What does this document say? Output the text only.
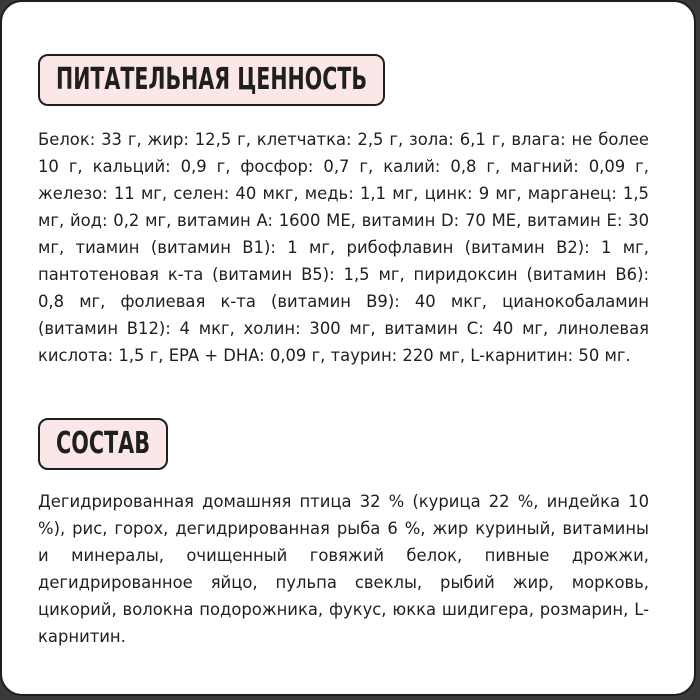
ПИТАТЕЛЬНАЯ ЦЕННОСТЬ

Белок: 33 г, жир: 12,5 г, клетчатка: 2,5 г, зола: 6,1 г, влага: не более 10 г, кальций: 0,9 г, фосфор: 0,7 г, калий: 0,8 г, магний: 0,09 г, железо: 11 мг, селен: 40 мкг, медь: 1,1 мг, цинк: 9 мг, марганец: 1,5 мг, йод: 0,2 мг, витамин A: 1600 МЕ, витамин D: 70 МЕ, витамин Е: 30 мг, тиамин (витамин В1): 1 мг, рибофлавин (витамин В2): 1 мг, пантотеновая к-та (витамин В5): 1,5 мг, пиридоксин (витамин В6): 0,8 мг, фолиевая к-та (витамин В9): 40 мкг, цианокобаламин (витамин В12): 4 мкг, холин: 300 мг, витамин С: 40 мг, линолевая кислота: 1,5 г, EPA + DHA: 0,09 г, таурин: 220 мг, L-карнитин: 50 мг.

СОСТАВ

Дегидрированная домашняя птица 32 % (курица 22 %, индейка 10 %), рис, горох, дегидрированная рыба 6 %, жир куриный, витамины и минералы, очищенный говяжий белок, пивные дрожжи, дегидрированное яйцо, пульпа свеклы, рыбий жир, морковь, цикорий, волокна подорожника, фукус, юкка шидигера, розмарин, L-карнитин.
